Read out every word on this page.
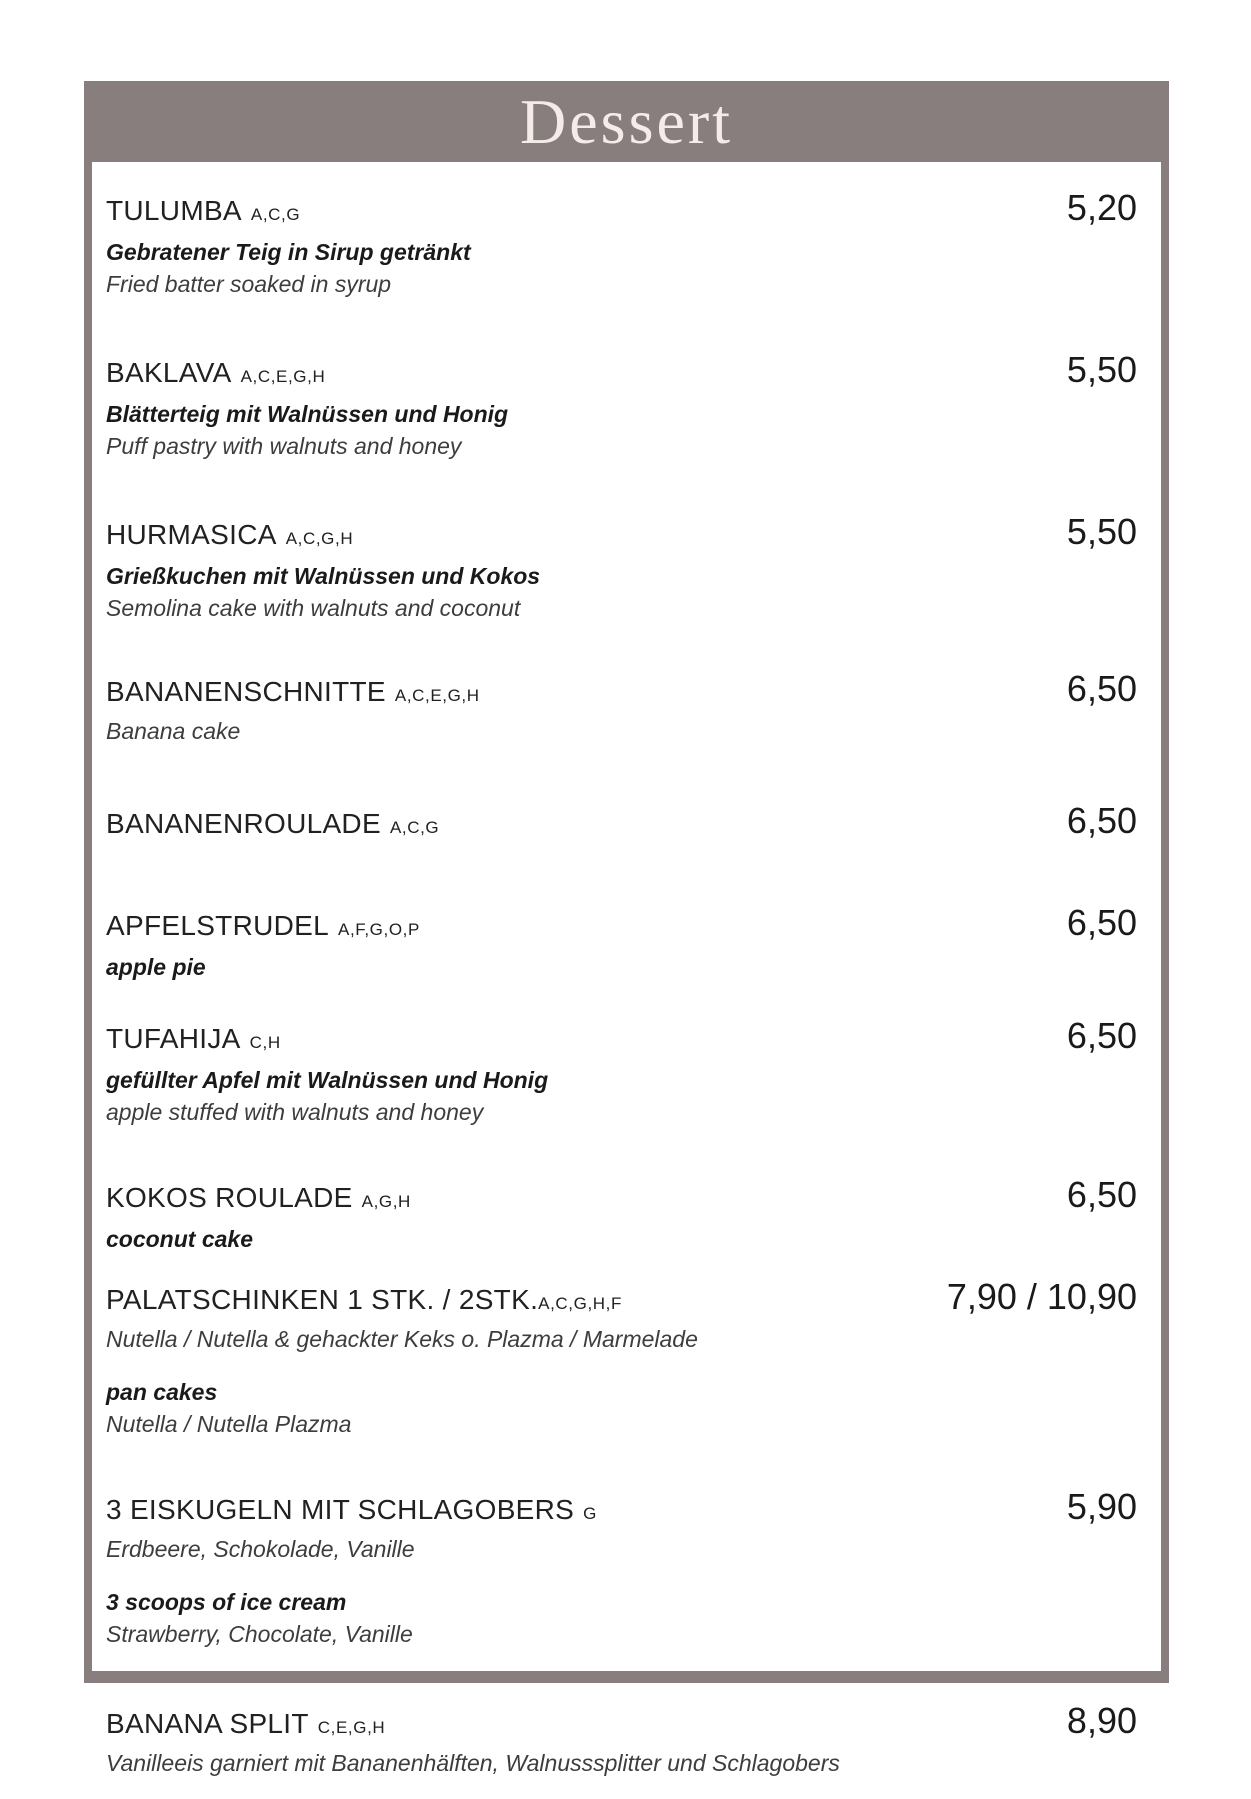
Dessert
TULUMBA A,C,G	5,20
Gebratener Teig in Sirup getränkt
Fried batter soaked in syrup
BAKLAVA A,C,E,G,H	5,50
Blätterteig mit Walnüssen und Honig
Puff pastry with walnuts and honey
HURMASICA A,C,G,H	5,50
Grießkuchen mit Walnüssen und Kokos
Semolina cake with walnuts and coconut
BANANENSCHNITTE A,C,E,G,H	6,50
Banana cake
BANANENROULADE A,C,G	6,50
APFELSTRUDEL A,F,G,O,P	6,50
apple pie
TUFAHIJA C,H	6,50
gefüllter Apfel mit Walnüssen und Honig
apple stuffed with walnuts and honey
KOKOS ROULADE A,G,H	6,50
coconut cake
PALATSCHINKEN 1 STK. / 2STK.A,C,G,H,F	7,90 / 10,90
Nutella / Nutella & gehackter Keks o. Plazma / Marmelade
pan cakes
Nutella / Nutella Plazma
3 EISKUGELN MIT SCHLAGOBERS G	5,90
Erdbeere, Schokolade, Vanille
3 scoops of ice cream
Strawberry, Chocolate, Vanille
BANANA SPLIT C,E,G,H	8,90
Vanilleeis garniert mit Bananenhälften, Walnusssplitter und Schlagobers
